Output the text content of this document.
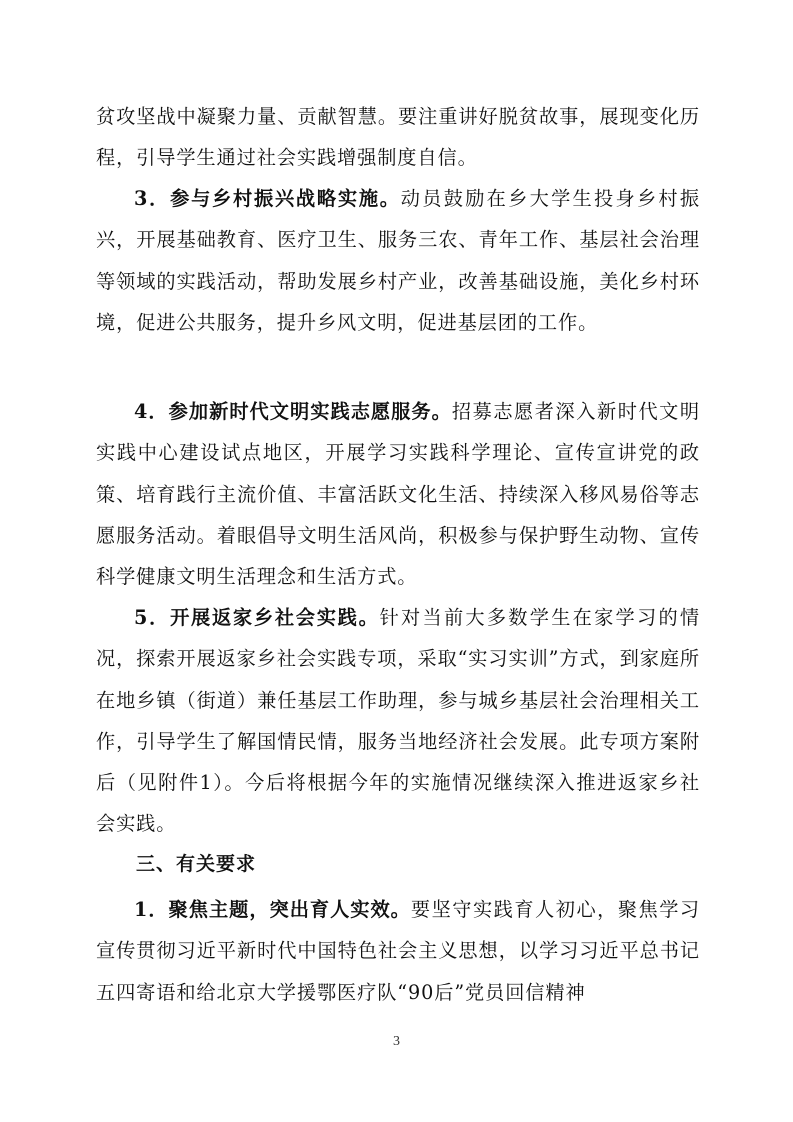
贫攻坚战中凝聚力量、贡献智慧。要注重讲好脱贫故事，展现变化历程，引导学生通过社会实践增强制度自信。

3．参与乡村振兴战略实施。动员鼓励在乡大学生投身乡村振兴，开展基础教育、医疗卫生、服务三农、青年工作、基层社会治理等领域的实践活动，帮助发展乡村产业，改善基础设施，美化乡村环境，促进公共服务，提升乡风文明，促进基层团的工作。

4．参加新时代文明实践志愿服务。招募志愿者深入新时代文明实践中心建设试点地区，开展学习实践科学理论、宣传宣讲党的政策、培育践行主流价值、丰富活跃文化生活、持续深入移风易俗等志愿服务活动。着眼倡导文明生活风尚，积极参与保护野生动物、宣传科学健康文明生活理念和生活方式。

5．开展返家乡社会实践。针对当前大多数学生在家学习的情况，探索开展返家乡社会实践专项，采取“实习实训”方式，到家庭所在地乡镇（街道）兼任基层工作助理，参与城乡基层社会治理相关工作，引导学生了解国情民情，服务当地经济社会发展。此专项方案附后（见附件1）。今后将根据今年的实施情况继续深入推进返家乡社会实践。

三、有关要求

1．聚焦主题，突出育人实效。要坚守实践育人初心，聚焦学习宣传贯彻习近平新时代中国特色社会主义思想，以学习习近平总书记五四寄语和给北京大学援鄂医疗队“90后”党员回信精神

3
